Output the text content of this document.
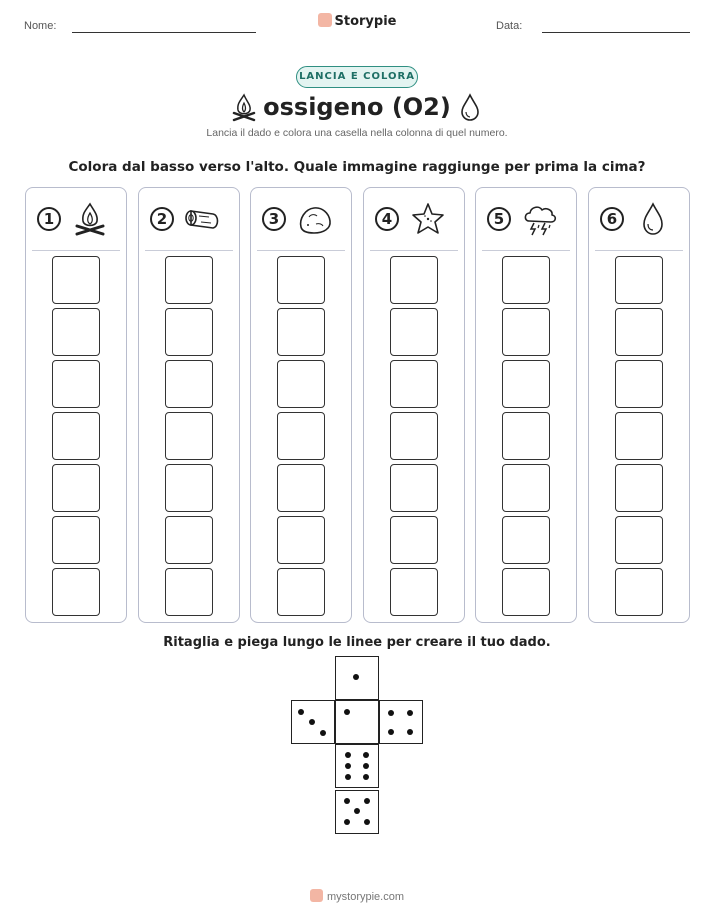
Nome:	Storypie	Data:
LANCIA E COLORA
ossigeno (O2)
Lancia il dado e colora una casella nella colonna di quel numero.
Colora dal basso verso l'alto. Quale immagine raggiunge per prima la cima?
1	2	3	4	5	6
Ritaglia e piega lungo le linee per creare il tuo dado.
mystorypie.com
